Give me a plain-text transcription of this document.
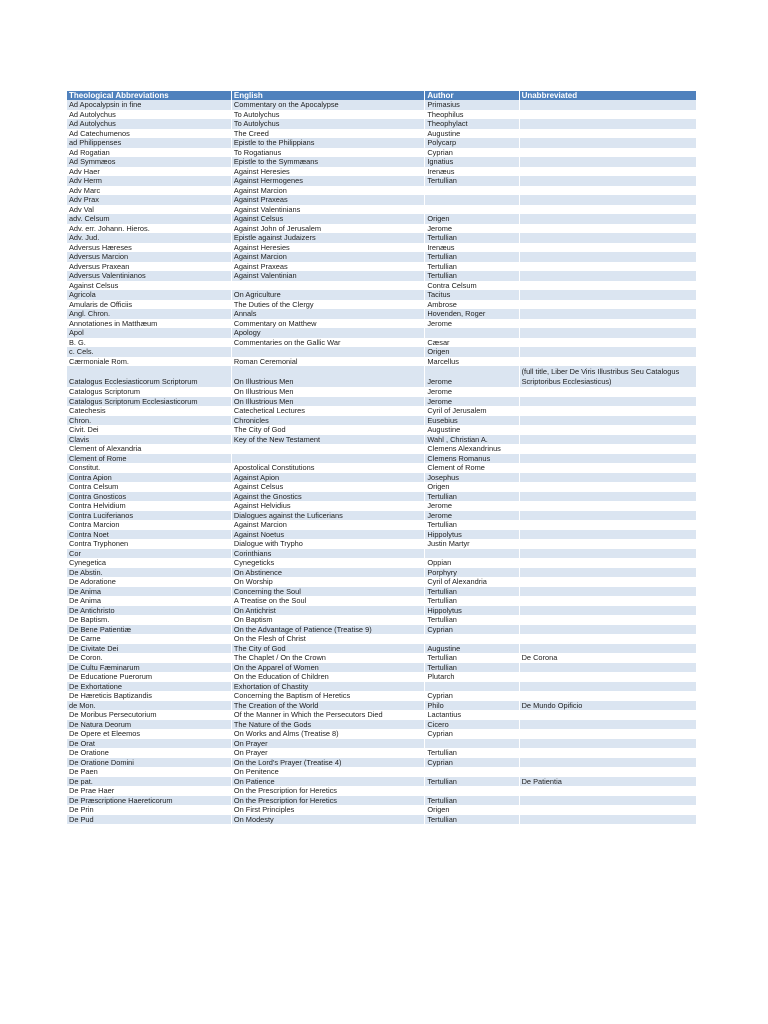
Theological Abbreviations	English	Author	Unabbreviated
Ad Apocalypsin in fine	Commentary on the Apocalypse	Primasius	
Ad Autolychus	To Autolychus	Theophilus	
Ad Autolychus	To Autolychus	Theophylact	
Ad Catechumenos	The Creed	Augustine	
ad Philippenses	Epistle to the Philippians	Polycarp	
Ad Rogatian	To Rogatianus	Cyprian	
Ad Symmæos	Epistle to the Symmæans	Ignatius	
Adv Haer	Against Heresies	Irenæus	
Adv Herm	Against Hermogenes	Tertullian	
Adv Marc	Against Marcion		
Adv Prax	Against Praxeas		
Adv Val	Against Valentinians		
adv. Celsum	Against Celsus	Origen	
Adv. err. Johann. Hieros.	Against John of Jerusalem	Jerome	
Adv. Jud.	Epistle against Judaizers	Tertullian	
Adversus Hæreses	Against Heresies	Irenæus	
Adversus Marcion	Against Marcion	Tertullian	
Adversus Praxean	Against Praxeas	Tertullian	
Adversus Valentinianos	Against Valentinian	Tertullian	
Against Celsus		Contra Celsum	
Agricola	On Agriculture	Tacitus	
Amularis de Officiis	The Duties of the Clergy	Ambrose	
Angl. Chron.	Annals	Hovenden, Roger	
Annotationes in Matthæum	Commentary on Matthew	Jerome	
Apol	Apology		
B. G.	Commentaries on the Gallic War	Cæsar	
c. Cels.		Origen	
Cærmoniale Rom.	Roman Ceremonial	Marcellus	
Catalogus Ecclesiasticorum Scriptorum	On Illustrious Men	Jerome	(full title, Liber De Viris Illustribus Seu Catalogus Scriptoribus Ecclesiasticus)
Catalogus Scriptorum	On Illustrious Men	Jerome	
Catalogus Scriptorum Ecclesiasticorum	On Illustrious Men	Jerome	
Catechesis	Catechetical Lectures	Cyril of Jerusalem	
Chron.	Chronicles	Eusebius	
Civit. Dei	The City of God	Augustine	
Clavis	Key of the New Testament	Wahl , Christian A.	
Clement of Alexandria		Clemens Alexandrinus	
Clement of Rome		Clemens Romanus	
Constitut.	Apostolical Constitutions	Clement of Rome	
Contra Apion	Against Apion	Josephus	
Contra Celsum	Against Celsus	Origen	
Contra Gnosticos	Against the Gnostics	Tertullian	
Contra Helvidium	Against Helvidius	Jerome	
Contra Luciferianos	Dialogues against the Luficerians	Jerome	
Contra Marcion	Against Marcion	Tertullian	
Contra Noet	Against Noetus	Hippolytus	
Contra Tryphonen	Dialogue with Trypho	Justin Martyr	
Cor	Corinthians		
Cynegetica	Cynegeticks	Oppian	
De Abstin.	On Abstinence	Porphyry	
De Adoratione	On Worship	Cyril of Alexandria	
De Anima	Concerning the Soul	Tertullian	
De Anima	A Treatise on the Soul	Tertullian	
De Antichristo	On Antichrist	Hippolytus	
De Baptism.	On Baptism	Tertullian	
De Bene Patientiæ	On the Advantage of Patience (Treatise 9)	Cyprian	
De Carne	On the Flesh of Christ		
De Civitate Dei	The City of God	Augustine	
De Coron.	The Chaplet / On the Crown	Tertullian	De Corona
De Cultu Fæminarum	On the Apparel of Women	Tertullian	
De Educatione Puerorum	On the Education of Children	Plutarch	
De Exhortatione	Exhortation of Chastity		
De Hæreticis Baptizandis	Concerning the Baptism of Heretics	Cyprian	
de Mon.	The Creation of the World	Philo	De Mundo Opificio
De Moribus Persecutorium	Of the Manner in Which the Persecutors Died	Lactantius	
De Natura Deorum	The Nature of the Gods	Cicero	
De Opere et Eleemos	On Works and Alms (Treatise 8)	Cyprian	
De Orat	On Prayer		
De Oratione	On Prayer	Tertullian	
De Oratione Domini	On the Lord's Prayer (Treatise 4)	Cyprian	
De Paen	On Penitence		
De pat.	On Patience	Tertullian	De Patientia
De Prae Haer	On the Prescription for Heretics		
De Præscriptione Haereticorum	On the Prescription for Heretics	Tertullian	
De Prin	On First Principles	Origen	
De Pud	On Modesty	Tertullian	
